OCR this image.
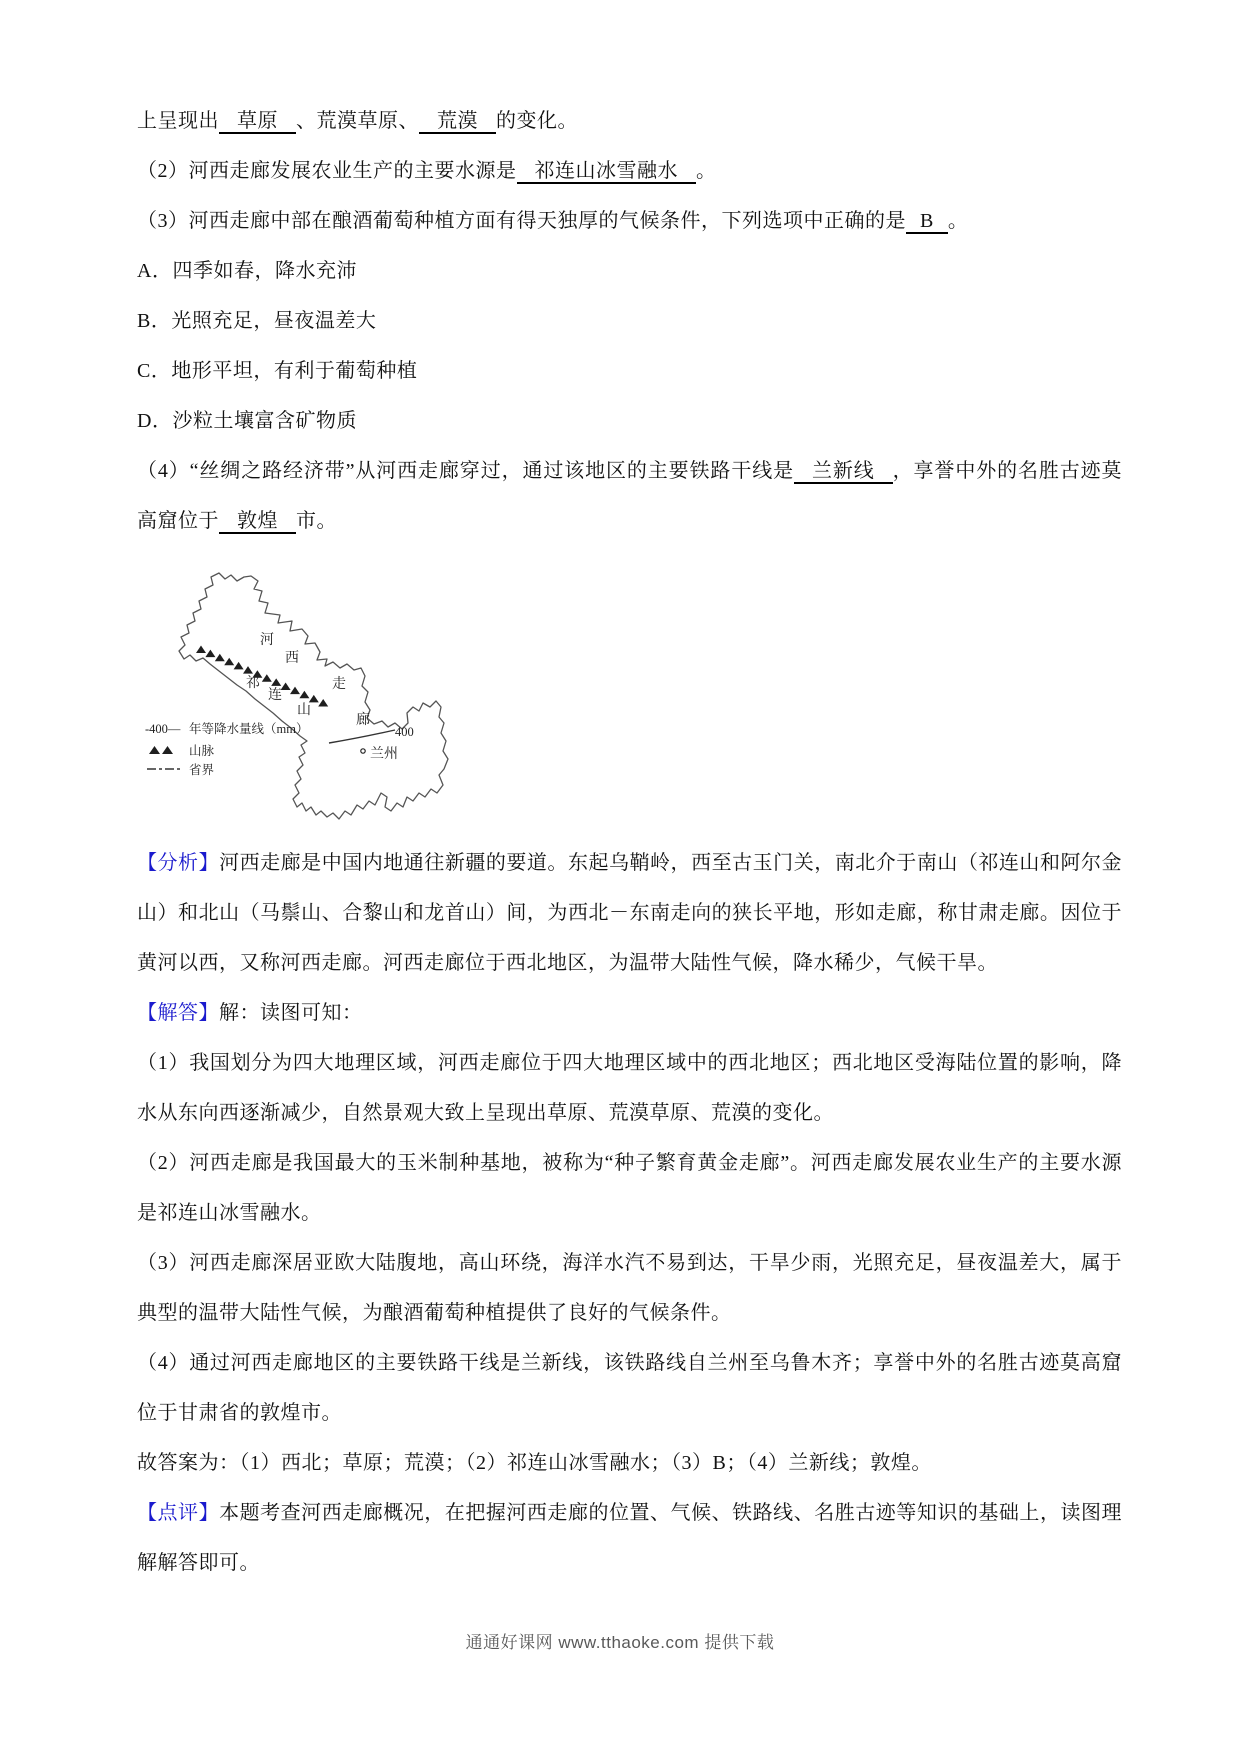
上呈现出 草原 、荒漠草原、 荒漠 的变化。

（2）河西走廊发展农业生产的主要水源是 祁连山冰雪融水 。

（3）河西走廊中部在酿酒葡萄种植方面有得天独厚的气候条件，下列选项中正确的是 B 。

A．四季如春，降水充沛

B．光照充足，昼夜温差大

C．地形平坦，有利于葡萄种植

D．沙粒土壤富含矿物质

（4）“丝绸之路经济带”从河西走廊穿过，通过该地区的主要铁路干线是 兰新线 ，享誉中外的名胜古迹莫高窟位于 敦煌 市。

河
西
走
廊
祁
连
山
兰州
400
-400— 年等降水量线（mm）
山脉
省界

【分析】河西走廊是中国内地通往新疆的要道。东起乌鞘岭，西至古玉门关，南北介于南山（祁连山和阿尔金山）和北山（马鬃山、合黎山和龙首山）间，为西北－东南走向的狭长平地，形如走廊，称甘肃走廊。因位于黄河以西，又称河西走廊。河西走廊位于西北地区，为温带大陆性气候，降水稀少，气候干旱。

【解答】解：读图可知：

（1）我国划分为四大地理区域，河西走廊位于四大地理区域中的西北地区；西北地区受海陆位置的影响，降水从东向西逐渐减少，自然景观大致上呈现出草原、荒漠草原、荒漠的变化。

（2）河西走廊是我国最大的玉米制种基地，被称为“种子繁育黄金走廊”。河西走廊发展农业生产的主要水源是祁连山冰雪融水。

（3）河西走廊深居亚欧大陆腹地，高山环绕，海洋水汽不易到达，干旱少雨，光照充足，昼夜温差大，属于典型的温带大陆性气候，为酿酒葡萄种植提供了良好的气候条件。

（4）通过河西走廊地区的主要铁路干线是兰新线，该铁路线自兰州至乌鲁木齐；享誉中外的名胜古迹莫高窟位于甘肃省的敦煌市。

故答案为：（1）西北；草原；荒漠；（2）祁连山冰雪融水；（3）B；（4）兰新线；敦煌。

【点评】本题考查河西走廊概况，在把握河西走廊的位置、气候、铁路线、名胜古迹等知识的基础上，读图理解解答即可。

通通好课网 www.tthaoke.com 提供下载
